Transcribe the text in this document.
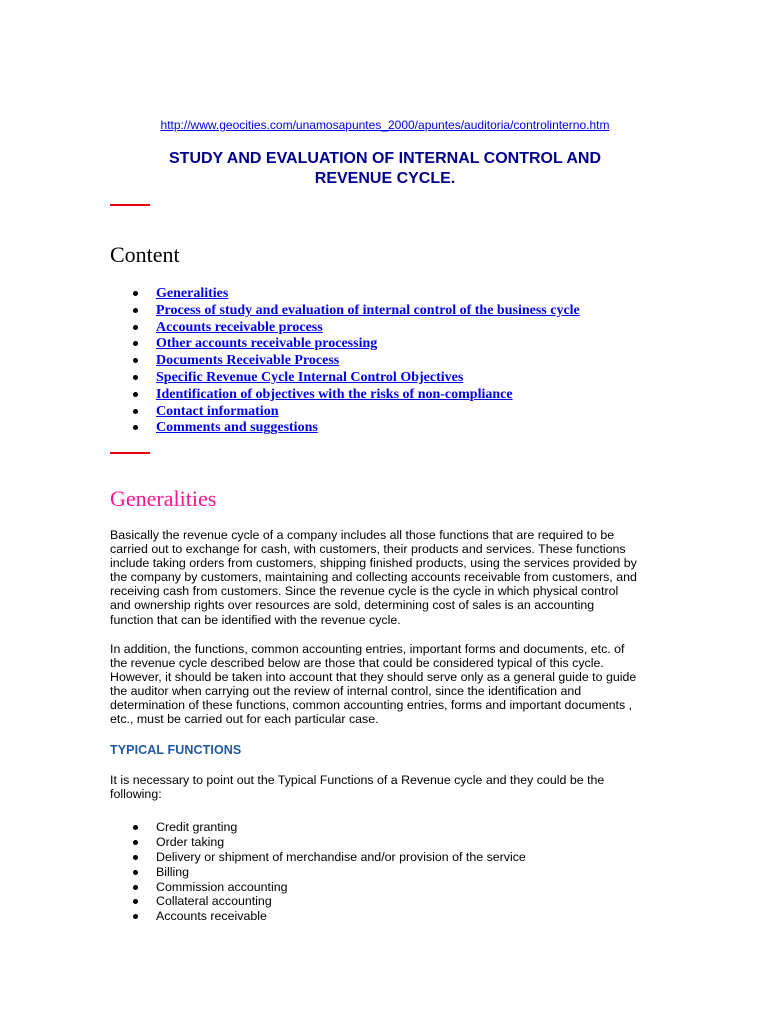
http://www.geocities.com/unamosapuntes_2000/apuntes/auditoria/controlinterno.htm
STUDY AND EVALUATION OF INTERNAL CONTROL AND
REVENUE CYCLE.
Content
Generalities
Process of study and evaluation of internal control of the business cycle
Accounts receivable process
Other accounts receivable processing
Documents Receivable Process
Specific Revenue Cycle Internal Control Objectives
Identification of objectives with the risks of non-compliance
Contact information
Comments and suggestions
Generalities

Basically the revenue cycle of a company includes all those functions that are required to be
carried out to exchange for cash, with customers, their products and services. These functions
include taking orders from customers, shipping finished products, using the services provided by
the company by customers, maintaining and collecting accounts receivable from customers, and
receiving cash from customers. Since the revenue cycle is the cycle in which physical control
and ownership rights over resources are sold, determining cost of sales is an accounting
function that can be identified with the revenue cycle.

In addition, the functions, common accounting entries, important forms and documents, etc. of
the revenue cycle described below are those that could be considered typical of this cycle.
However, it should be taken into account that they should serve only as a general guide to guide
the auditor when carrying out the review of internal control, since the identification and
determination of these functions, common accounting entries, forms and important documents ,
etc., must be carried out for each particular case.

TYPICAL FUNCTIONS

It is necessary to point out the Typical Functions of a Revenue cycle and they could be the
following:

Credit granting
Order taking
Delivery or shipment of merchandise and/or provision of the service
Billing
Commission accounting
Collateral accounting
Accounts receivable
